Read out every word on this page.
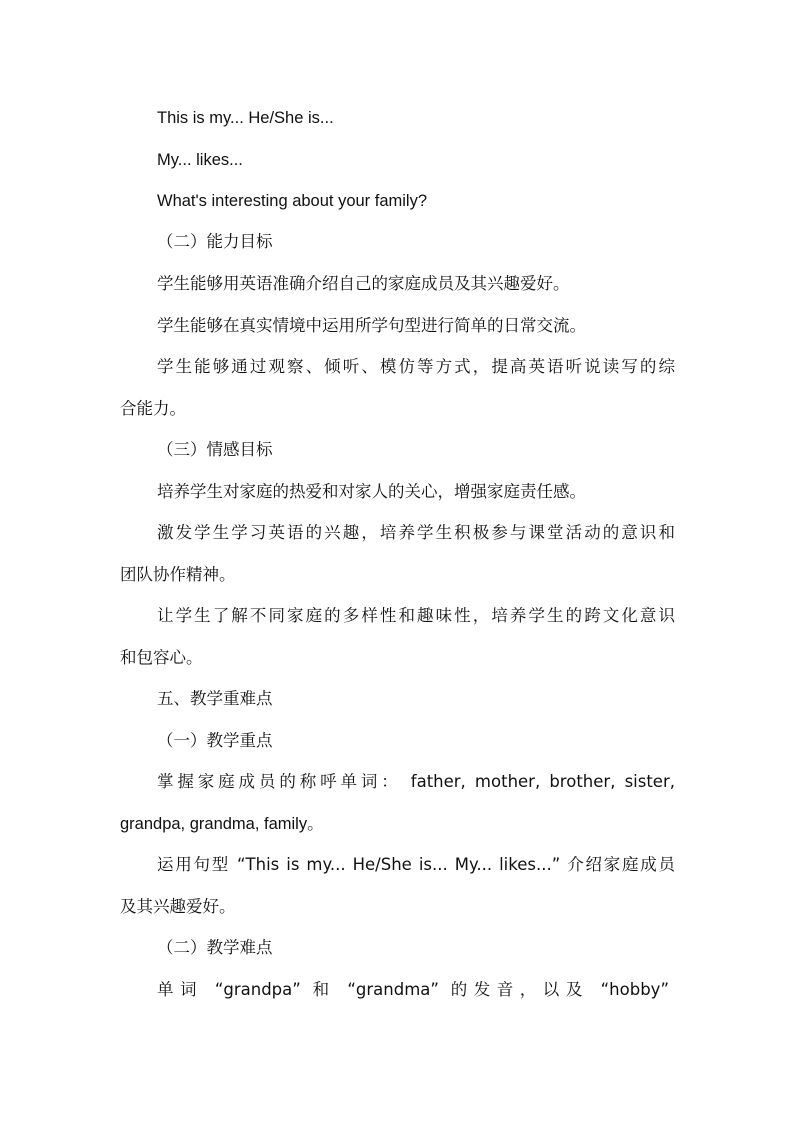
This is my... He/She is...
My... likes...
What's interesting about your family?
（二）能力目标
学生能够用英语准确介绍自己的家庭成员及其兴趣爱好。
学生能够在真实情境中运用所学句型进行简单的日常交流。
学生能够通过观察、倾听、模仿等方式，提高英语听说读写的综
合能力。
（三）情感目标
培养学生对家庭的热爱和对家人的关心，增强家庭责任感。
激发学生学习英语的兴趣，培养学生积极参与课堂活动的意识和
团队协作精神。
让学生了解不同家庭的多样性和趣味性，培养学生的跨文化意识
和包容心。
五、教学重难点
（一）教学重点
掌握家庭成员的称呼单词： father, mother, brother, sister,
grandpa, grandma, family。
运用句型 “This is my... He/She is... My... likes...” 介绍家庭成员
及其兴趣爱好。
（二）教学难点
单词 “grandpa” 和 “grandma” 的发音，以及 “hobby”
